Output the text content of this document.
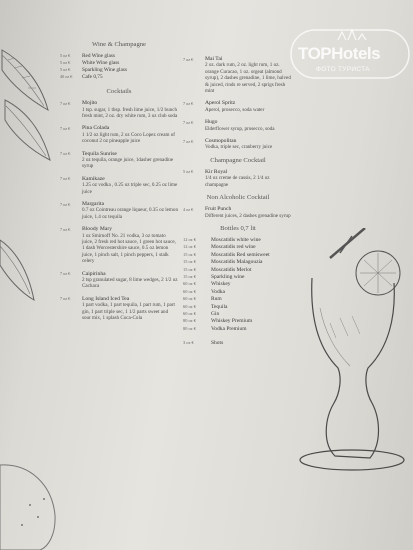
TOPHotels
ФОТО ТУРИСТА
Wine & Champagne
5 oz €	Red Wine glass
5 oz €	White Wine glass
5 oz €	Sparkling Wine glass
40 oz €	Cafe 0,75
Cocktails
7 oz €	Mojito
1 tsp. sugar, 1 tbsp. fresh lime juice, 1/2 bunch fresh mint, 2 oz. dry white rum, 3 oz club soda
7 oz €	Pina Colada
1 1/2 oz light rum, 2 oz Coco Lopez cream of coconut 2 oz pineapple juice
7 oz €	Tequila Sunrise
2 oz tequila, orange juice, 1dasher grenadine syrup
7 oz €	Kamikaze
1.25 oz vodka , 0.25 oz triple sec, 0.25 oz lime juice
7 oz €	Margarita
0.7 oz Cointreau orange liqueur, 0.35 oz lemon juice, 1.4 oz tequila
7 oz €	Bloody Mary
1 oz Smirnoff No. 21 vodka, 3 oz tomato juice, 2 fresh red hot sauce, 1 green hot sauce, 1 dash Worcestershire sauce, 0.5 oz lemon juice, 1 pinch salt, 1 pinch peppers, 1 stalk celery
7 oz €	Caipirinha
2 tsp granulated sugar, 8 lime wedges, 2 1/2 oz Cachaca
7 oz €	Long Island Iced Tea
1 part vodka, 1 part tequila, 1 part rum, 1 part gin, 1 part triple sec, 1 1/2 parts sweet and sour mix, 1 splash Coca-Cola
7 oz €	Mai Tai
2 oz. dark rum, 2 oz. light rum, 1 oz. orange Curacao, 1 oz. orgeat (almond syrup), 2 dashes grenadine, 1 lime, halved & juiced, rinds re served, 2 sprigs fresh mint
7 oz €	Aperol Spritz
Aperol, prosecco, soda water
7 oz €	Hugo
Elderflower syrup, prosecco, soda
7 oz €	Cosmopolitan
Vodka, triple sec, cranberry juice
Champagne Cocktail
5 oz €	Kir Royal
1/4 oz creme de cassis, 2 1/4 oz champagne
Non Alcoholic Cocktail
4 oz €	Fruit Punch
Different juices, 2 dashes grenadine syrup
Bottles 0,7 lit
12 oz €	Moscatidis white wine
12 oz €	Moscatidis red wine
15 oz €	Moscatidis Red semisweet
15 oz €	Moscatidis Malagouzia
15 oz €	Moscatidis Merlot
15 oz €	Sparkling wine
60 oz €	Whiskey
60 oz €	Vodka
60 oz €	Rum
60 oz €	Tequila
60 oz €	Gin
80 oz €	Whiskey Premium
80 oz €	Vodka Premium
3 oz €	Shots
